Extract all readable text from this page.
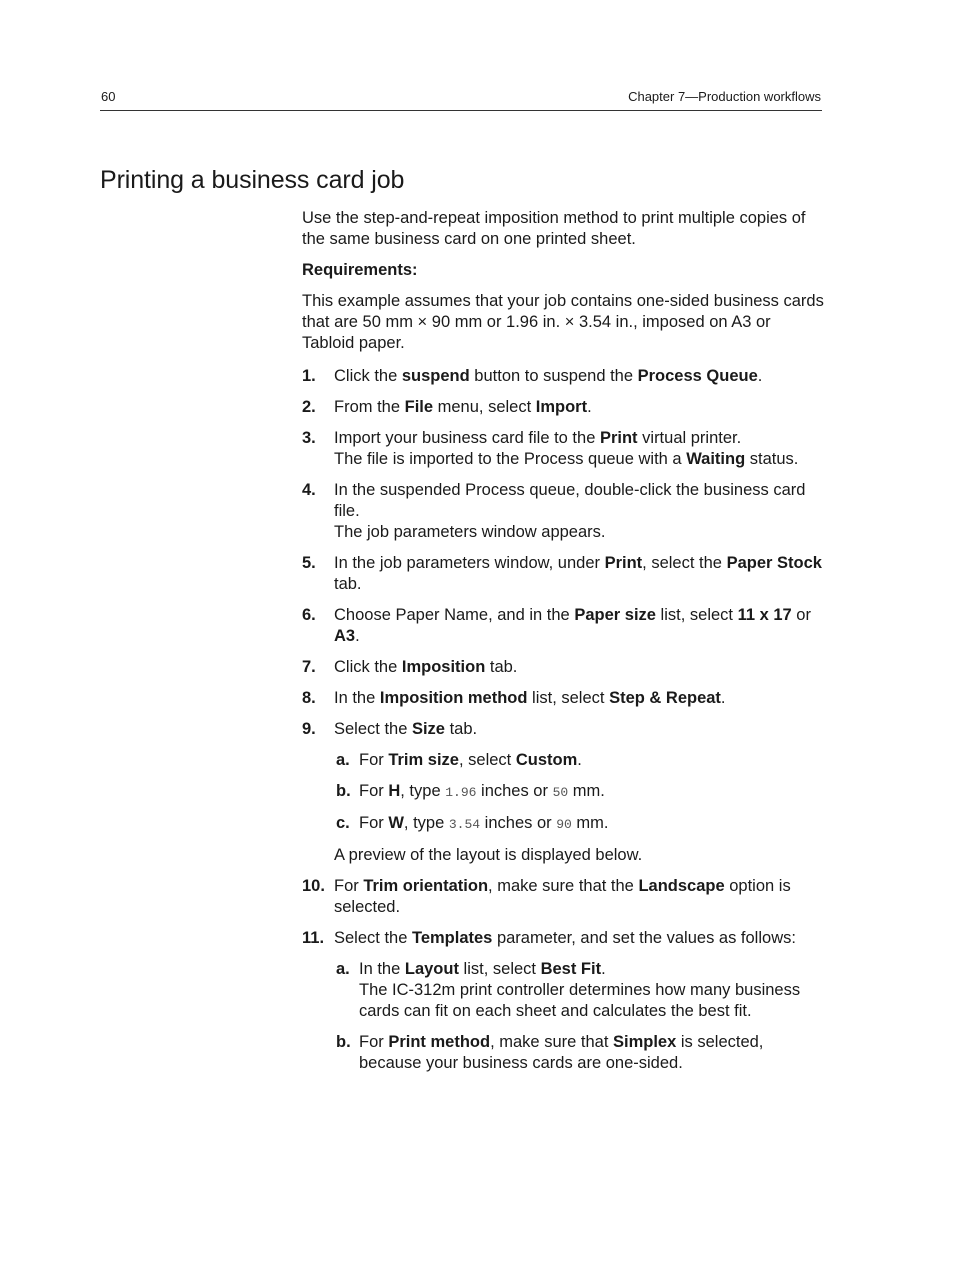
60	Chapter 7—Production workflows
Printing a business card job

Use the step-and-repeat imposition method to print multiple copies of the same business card on one printed sheet.

Requirements:

This example assumes that your job contains one-sided business cards that are 50 mm × 90 mm or 1.96 in. × 3.54 in., imposed on A3 or Tabloid paper.

1. Click the suspend button to suspend the Process Queue.
2. From the File menu, select Import.
3. Import your business card file to the Print virtual printer.
The file is imported to the Process queue with a Waiting status.
4. In the suspended Process queue, double-click the business card file.
The job parameters window appears.
5. In the job parameters window, under Print, select the Paper Stock tab.
6. Choose Paper Name, and in the Paper size list, select 11 x 17 or A3.
7. Click the Imposition tab.
8. In the Imposition method list, select Step & Repeat.
9. Select the Size tab.
a. For Trim size, select Custom.
b. For H, type 1.96 inches or 50 mm.
c. For W, type 3.54 inches or 90 mm.

A preview of the layout is displayed below.

10. For Trim orientation, make sure that the Landscape option is selected.
11. Select the Templates parameter, and set the values as follows:
a. In the Layout list, select Best Fit.
The IC-312m print controller determines how many business cards can fit on each sheet and calculates the best fit.
b. For Print method, make sure that Simplex is selected, because your business cards are one-sided.
